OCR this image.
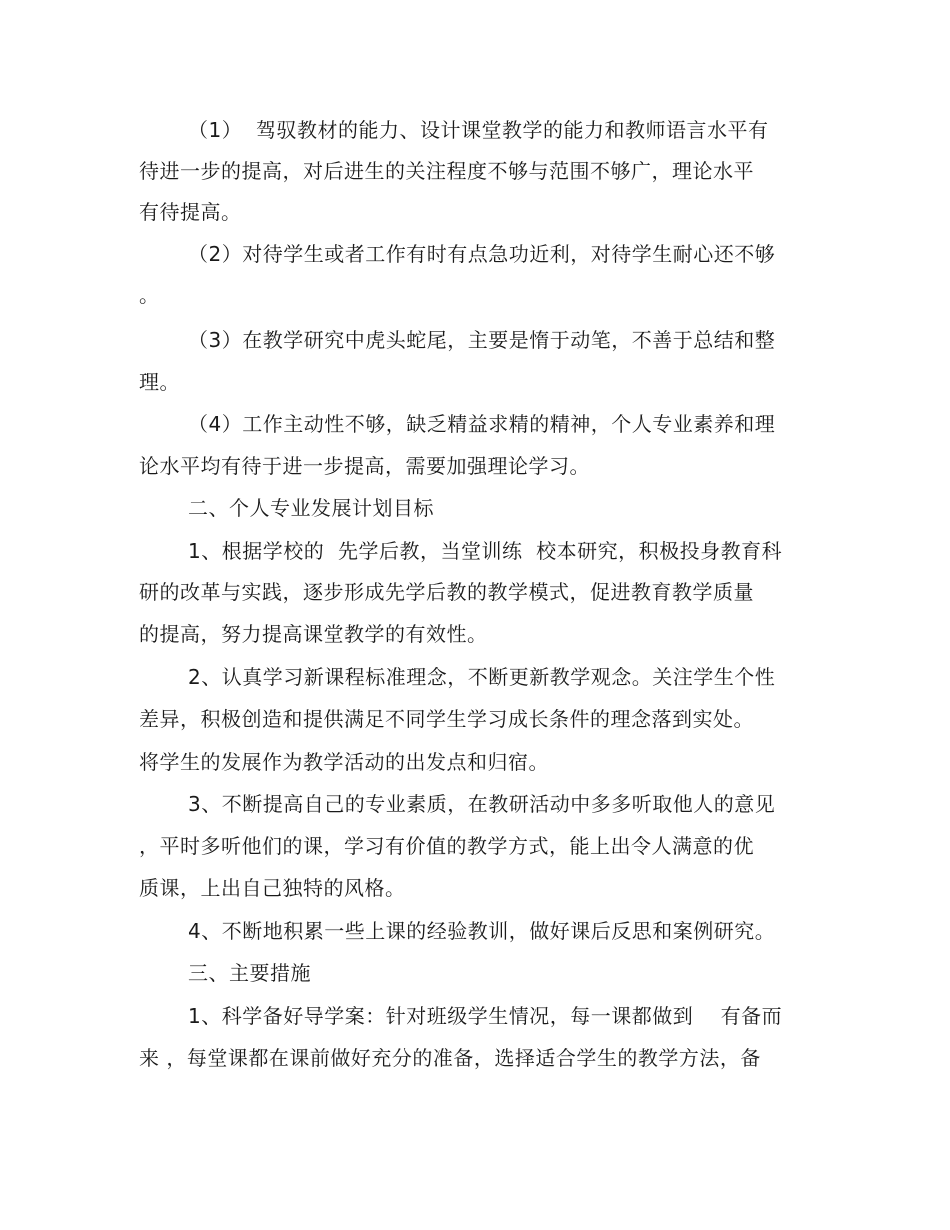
（1）  驾驭教材的能力、设计课堂教学的能力和教师语言水平有
待进一步的提高，对后进生的关注程度不够与范围不够广，理论水平
有待提高。
（2）对待学生或者工作有时有点急功近利，对待学生耐心还不够
。
（3）在教学研究中虎头蛇尾，主要是惰于动笔，不善于总结和整
理。
（4）工作主动性不够，缺乏精益求精的精神，个人专业素养和理
论水平均有待于进一步提高，需要加强理论学习。
二、个人专业发展计划目标
1、根据学校的  先学后教，当堂训练  校本研究，积极投身教育科
研的改革与实践，逐步形成先学后教的教学模式，促进教育教学质量
的提高，努力提高课堂教学的有效性。
2、认真学习新课程标准理念，不断更新教学观念。关注学生个性
差异，积极创造和提供满足不同学生学习成长条件的理念落到实处。
将学生的发展作为教学活动的出发点和归宿。
3、不断提高自己的专业素质，在教研活动中多多听取他人的意见
，平时多听他们的课，学习有价值的教学方式，能上出令人满意的优
质课，上出自己独特的风格。
4、不断地积累一些上课的经验教训，做好课后反思和案例研究。
三、主要措施
1、科学备好导学案：针对班级学生情况，每一课都做到    有备而
来 ，每堂课都在课前做好充分的准备，选择适合学生的教学方法，备
